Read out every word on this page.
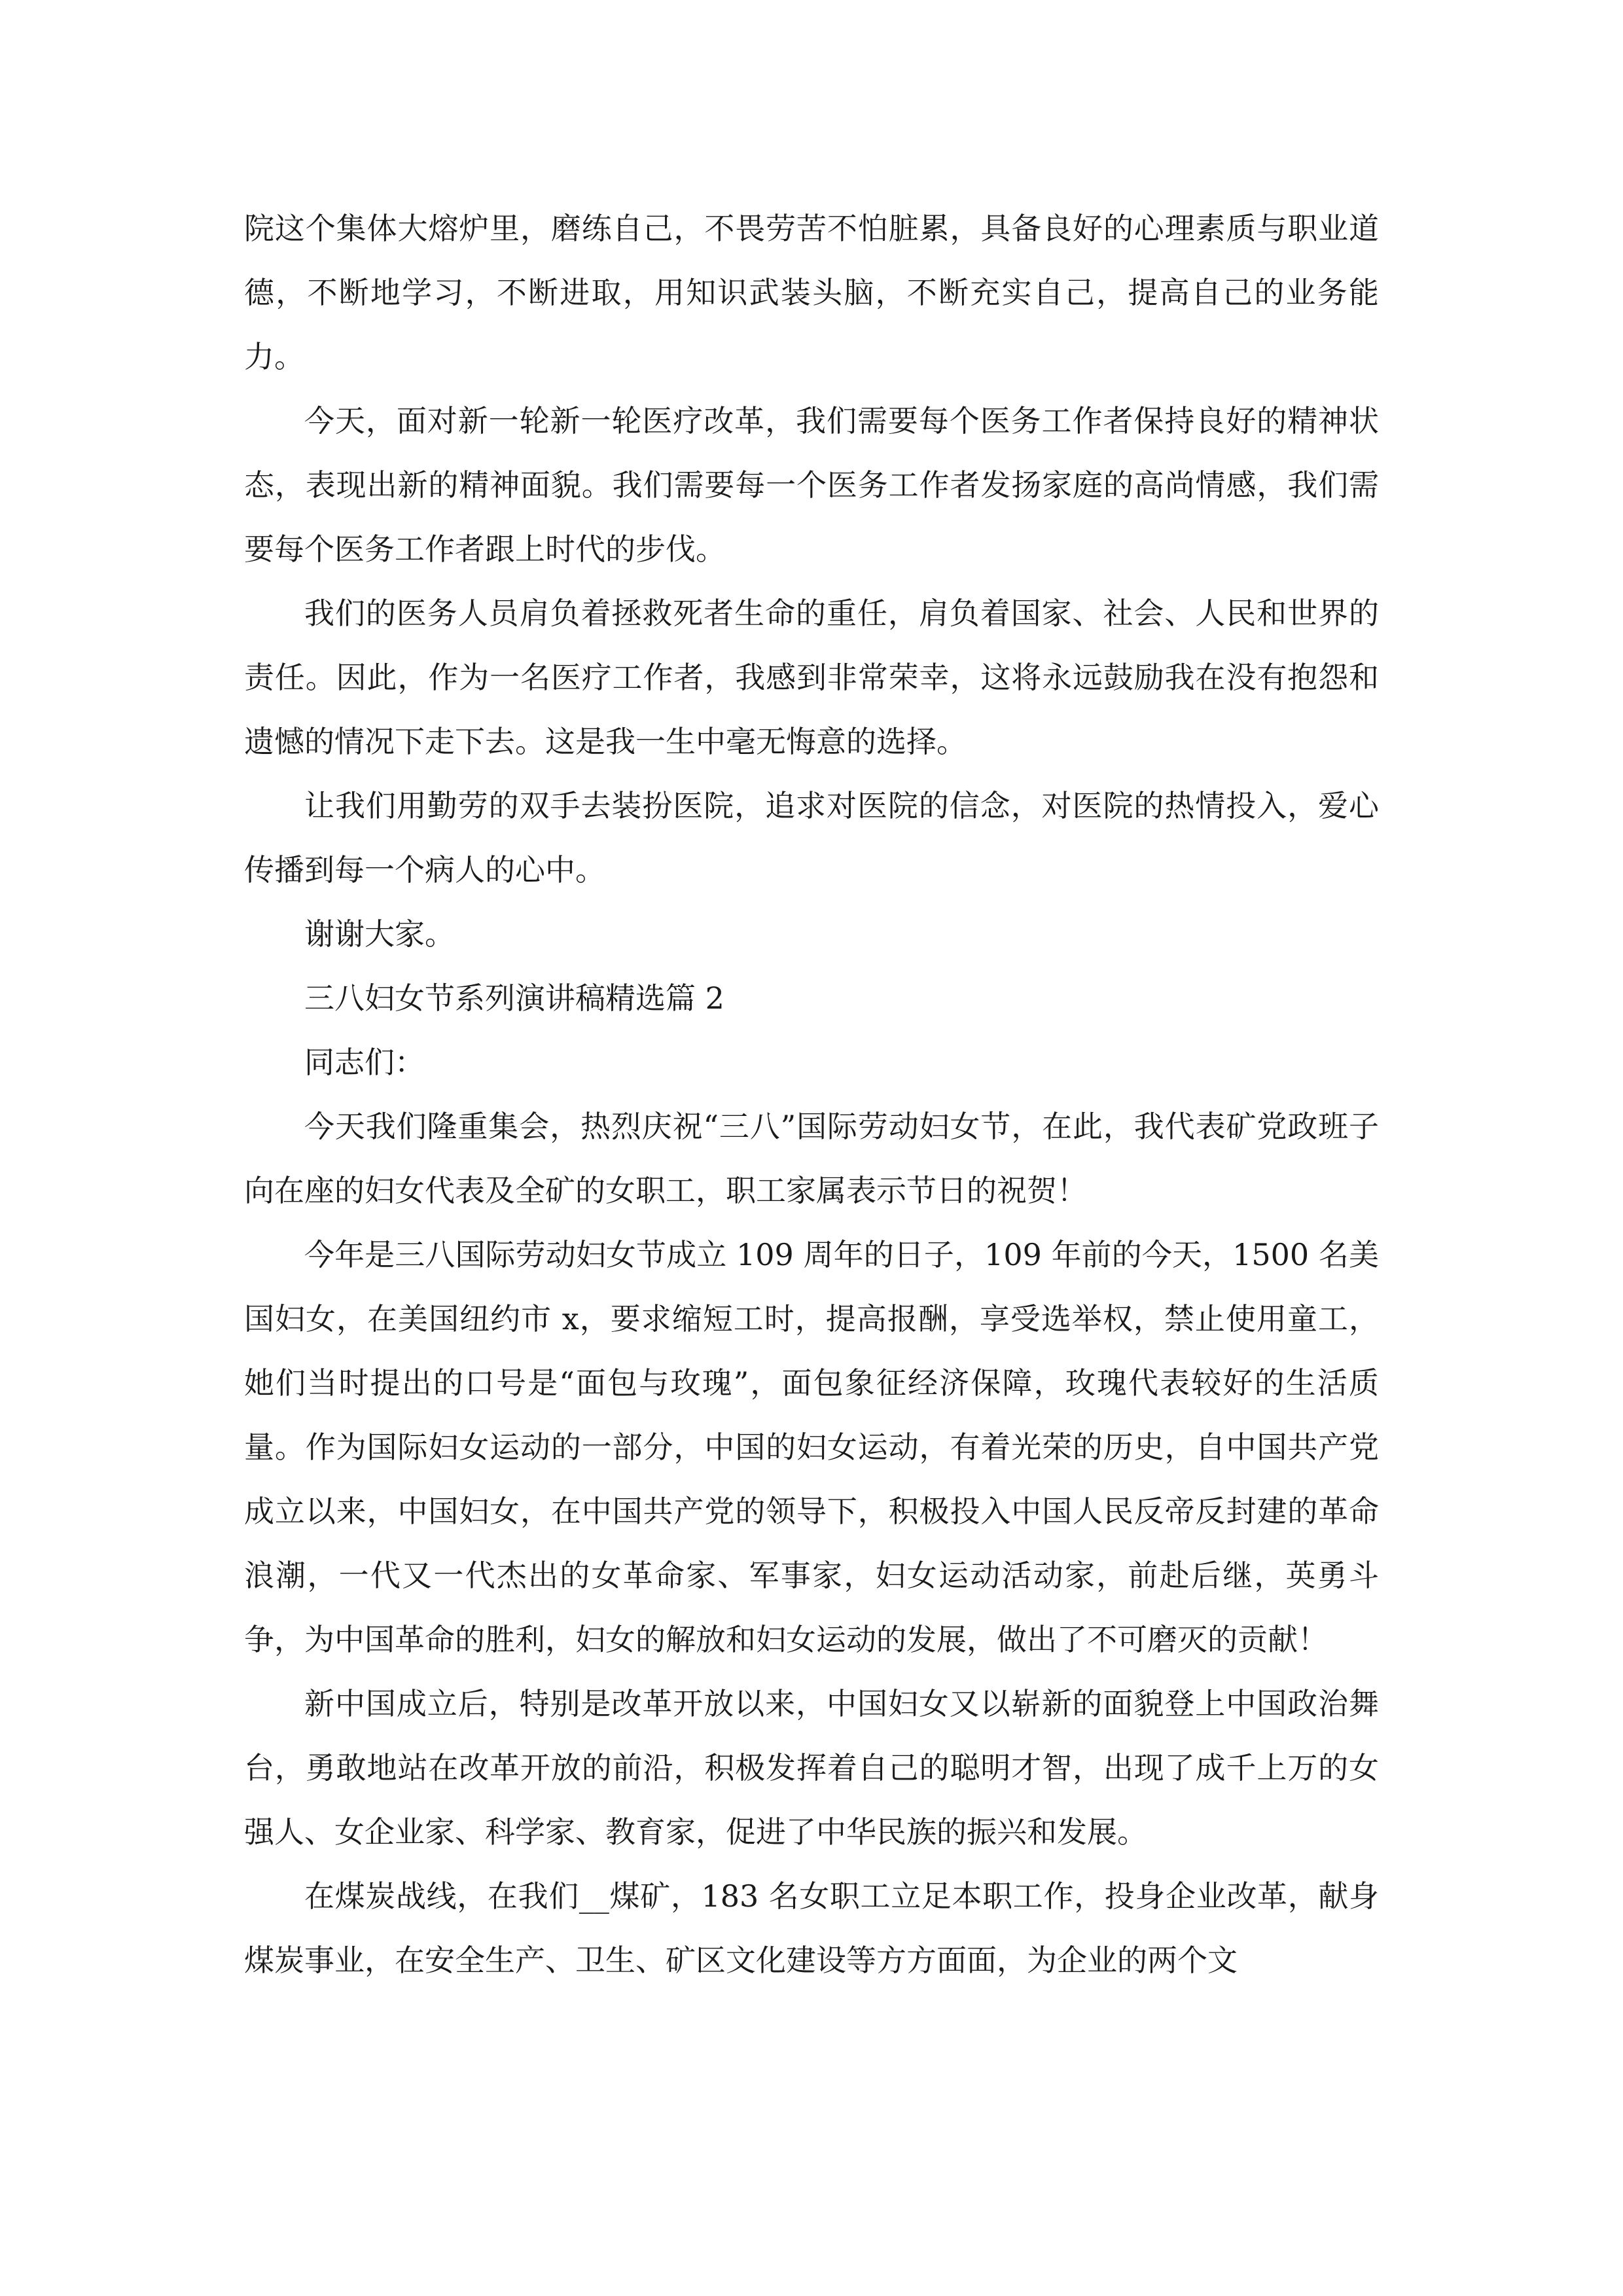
院这个集体大熔炉里，磨练自己，不畏劳苦不怕脏累，具备良好的心理素质与职业道德，不断地学习，不断进取，用知识武装头脑，不断充实自己，提高自己的业务能力。

今天，面对新一轮新一轮医疗改革，我们需要每个医务工作者保持良好的精神状态，表现出新的精神面貌。我们需要每一个医务工作者发扬家庭的高尚情感，我们需要每个医务工作者跟上时代的步伐。

我们的医务人员肩负着拯救死者生命的重任，肩负着国家、社会、人民和世界的责任。因此，作为一名医疗工作者，我感到非常荣幸，这将永远鼓励我在没有抱怨和遗憾的情况下走下去。这是我一生中毫无悔意的选择。

让我们用勤劳的双手去装扮医院，追求对医院的信念，对医院的热情投入，爱心传播到每一个病人的心中。

谢谢大家。

三八妇女节系列演讲稿精选篇 2

同志们：

今天我们隆重集会，热烈庆祝“三八”国际劳动妇女节，在此，我代表矿党政班子向在座的妇女代表及全矿的女职工，职工家属表示节日的祝贺！

今年是三八国际劳动妇女节成立 109 周年的日子，109 年前的今天，1500 名美国妇女，在美国纽约市 x，要求缩短工时，提高报酬，享受选举权，禁止使用童工，她们当时提出的口号是“面包与玫瑰”，面包象征经济保障，玫瑰代表较好的生活质量。作为国际妇女运动的一部分，中国的妇女运动，有着光荣的历史，自中国共产党成立以来，中国妇女，在中国共产党的领导下，积极投入中国人民反帝反封建的革命浪潮，一代又一代杰出的女革命家、军事家，妇女运动活动家，前赴后继，英勇斗争，为中国革命的胜利，妇女的解放和妇女运动的发展，做出了不可磨灭的贡献！

新中国成立后，特别是改革开放以来，中国妇女又以崭新的面貌登上中国政治舞台，勇敢地站在改革开放的前沿，积极发挥着自己的聪明才智，出现了成千上万的女强人、女企业家、科学家、教育家，促进了中华民族的振兴和发展。

在煤炭战线，在我们__煤矿，183 名女职工立足本职工作，投身企业改革，献身煤炭事业，在安全生产、卫生、矿区文化建设等方方面面，为企业的两个文
